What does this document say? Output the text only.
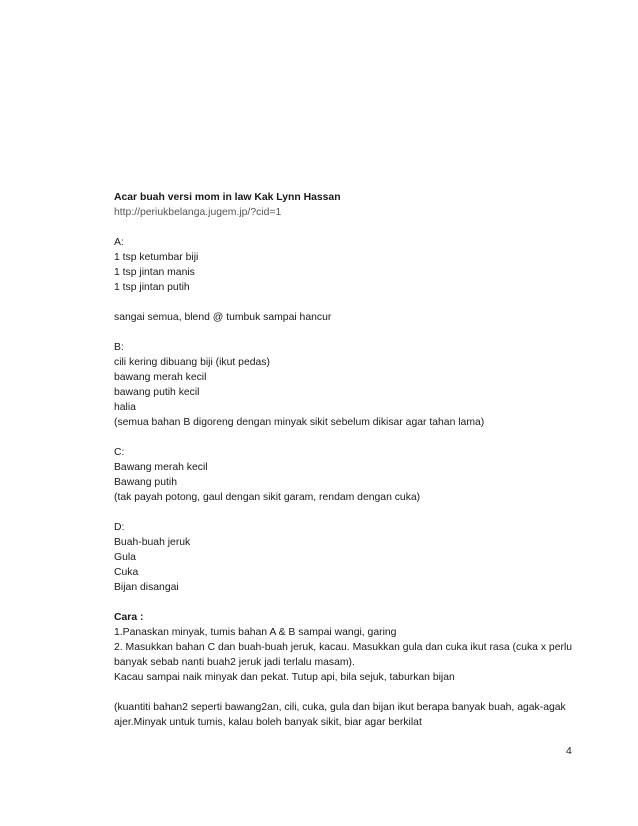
Acar buah versi mom in law Kak Lynn Hassan
http://periukbelanga.jugem.jp/?cid=1
A:
1 tsp ketumbar biji
1 tsp jintan manis
1 tsp jintan putih
sangai semua, blend @ tumbuk sampai hancur
B:
cili kering dibuang biji (ikut pedas)
bawang merah kecil
bawang putih kecil
halia
(semua bahan B digoreng dengan minyak sikit sebelum dikisar agar tahan lama)
C:
Bawang merah kecil
Bawang putih
(tak payah potong, gaul dengan sikit garam, rendam dengan cuka)
D:
Buah-buah jeruk
Gula
Cuka
Bijan disangai
Cara :
1.Panaskan minyak, tumis bahan A & B sampai wangi, garing
2. Masukkan bahan C dan buah-buah jeruk, kacau. Masukkan gula dan cuka ikut rasa (cuka x perlu
banyak sebab nanti buah2 jeruk jadi terlalu masam).
Kacau sampai naik minyak dan pekat. Tutup api, bila sejuk, taburkan bijan
(kuantiti bahan2 seperti bawang2an, cili, cuka, gula dan bijan ikut berapa banyak buah, agak-agak
ajer.Minyak untuk tumis, kalau boleh banyak sikit, biar agar berkilat
4
